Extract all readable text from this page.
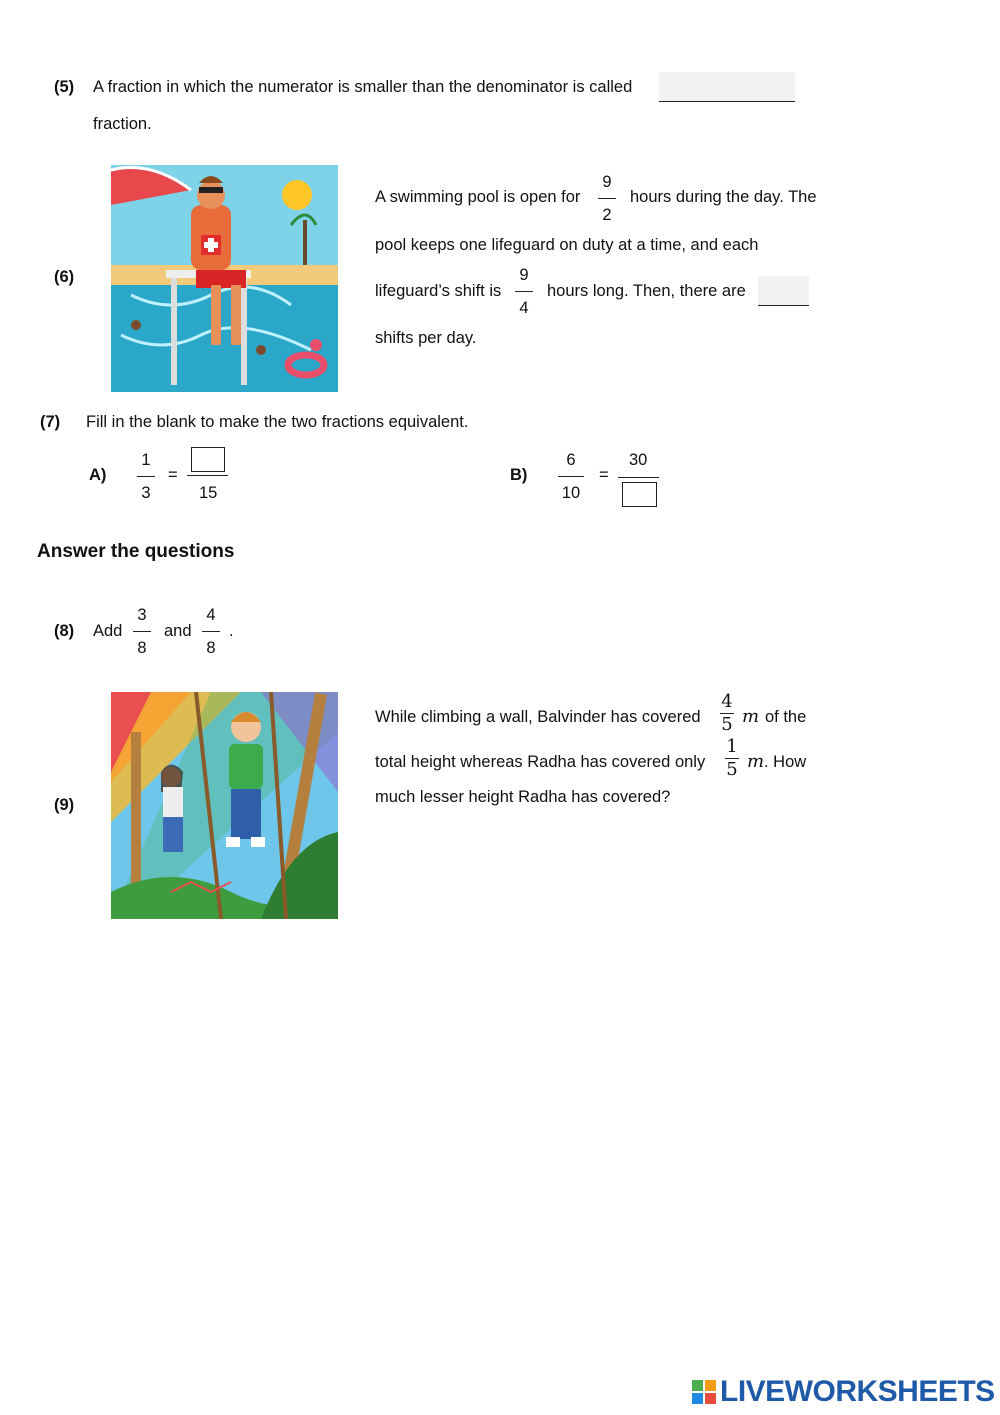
(5) A fraction in which the numerator is smaller than the denominator is called
fraction.
(6)
A swimming pool is open for
9
2
hours during the day. The
pool keeps one lifeguard on duty at a time, and each
lifeguard’s shift is
9
4
hours long. Then, there are
shifts per day.
(7) Fill in the blank to make the two fractions equivalent.
A)
1
3
=
15
B)
6
10
=
30
Answer the questions
(8) Add
3
8
and
4
8
.
(9)
While climbing a wall, Balvinder has covered
4
5 m of the
total height whereas Radha has covered only
1
5 m . How
much lesser height Radha has covered?
LIVEWORKSHEETS
